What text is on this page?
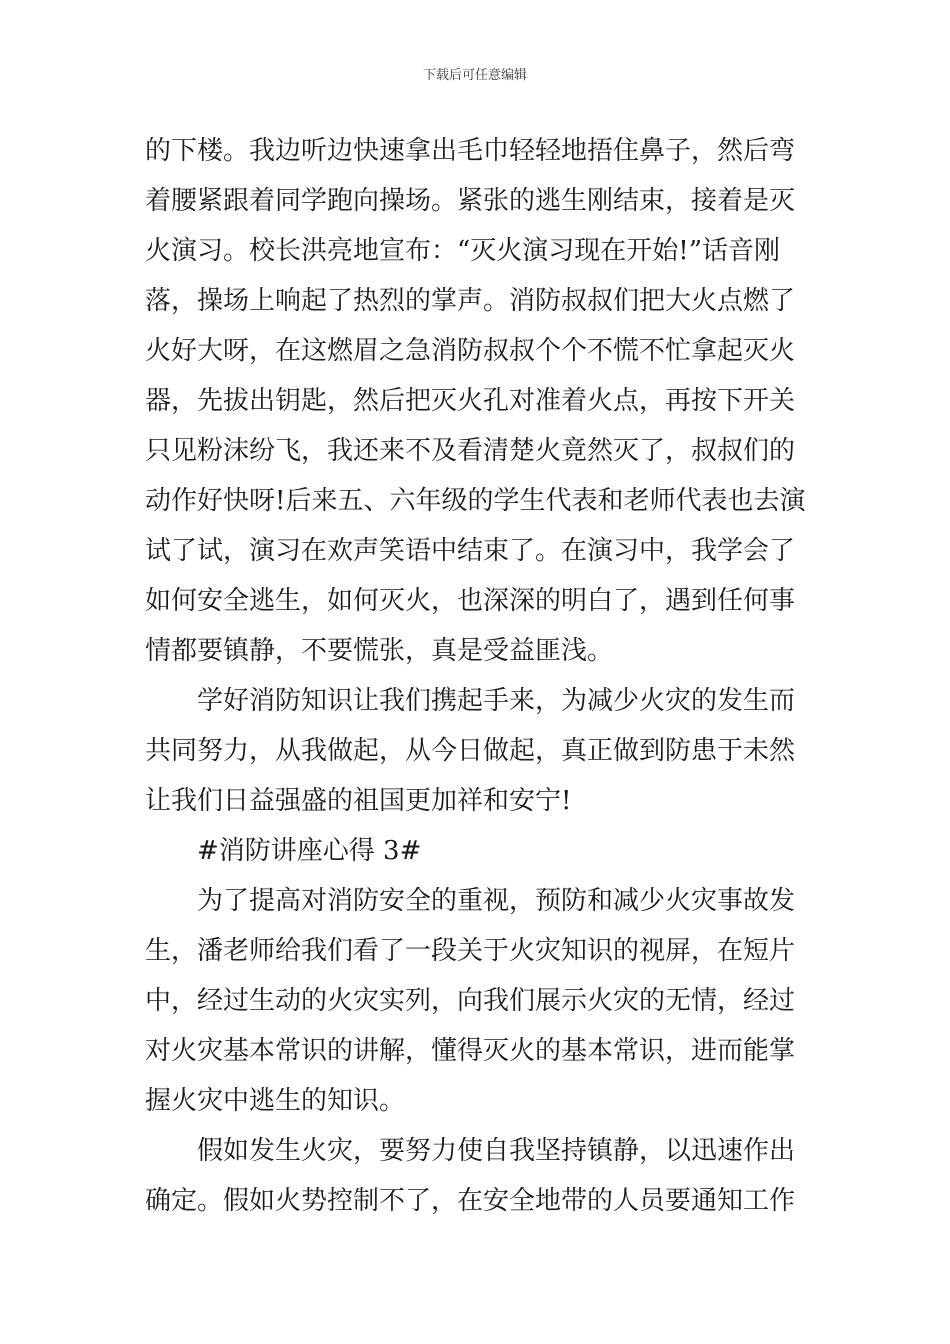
下载后可任意编辑
的下楼。我边听边快速拿出毛巾轻轻地捂住鼻子，然后弯
着腰紧跟着同学跑向操场。紧张的逃生刚结束，接着是灭
火演习。校长洪亮地宣布：“灭火演习现在开始!”话音刚
落，操场上响起了热烈的掌声。消防叔叔们把大火点燃了
火好大呀，在这燃眉之急消防叔叔个个不慌不忙拿起灭火
器，先拔出钥匙，然后把灭火孔对准着火点，再按下开关
只见粉沫纷飞，我还来不及看清楚火竟然灭了，叔叔们的
动作好快呀!后来五、六年级的学生代表和老师代表也去演
试了试，演习在欢声笑语中结束了。在演习中，我学会了
如何安全逃生，如何灭火，也深深的明白了，遇到任何事
情都要镇静，不要慌张，真是受益匪浅。
学好消防知识让我们携起手来，为减少火灾的发生而
共同努力，从我做起，从今日做起，真正做到防患于未然
让我们日益强盛的祖国更加祥和安宁!
#消防讲座心得 3#
为了提高对消防安全的重视，预防和减少火灾事故发
生，潘老师给我们看了一段关于火灾知识的视屏，在短片
中，经过生动的火灾实列，向我们展示火灾的无情，经过
对火灾基本常识的讲解，懂得灭火的基本常识，进而能掌
握火灾中逃生的知识。
假如发生火灾，要努力使自我坚持镇静，以迅速作出
确定。假如火势控制不了，在安全地带的人员要通知工作
